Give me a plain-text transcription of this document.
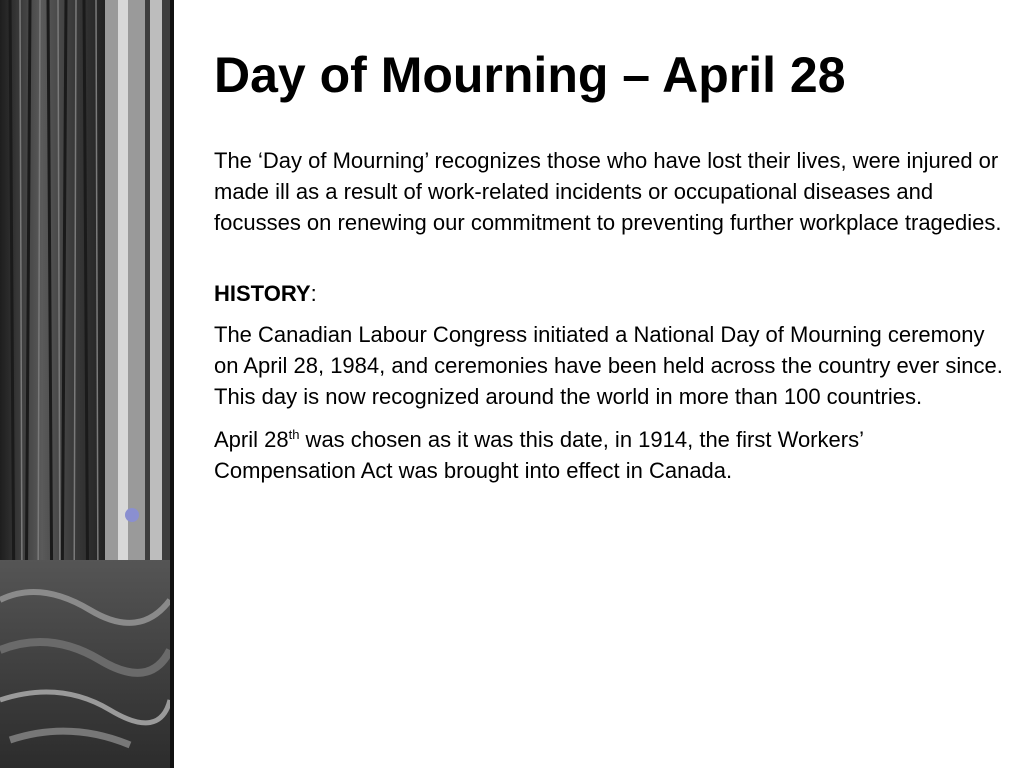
Day of Mourning – April 28

The ‘Day of Mourning’ recognizes those who have lost their lives, were injured or made ill as a result of work-related incidents or occupational diseases and focusses on renewing our commitment to preventing further workplace tragedies.

HISTORY:

The Canadian Labour Congress initiated a National Day of Mourning ceremony on April 28, 1984, and ceremonies have been held across the country ever since. This day is now recognized around the world in more than 100 countries.

April 28th was chosen as it was this date, in 1914, the first Workers’ Compensation Act was brought into effect in Canada.
